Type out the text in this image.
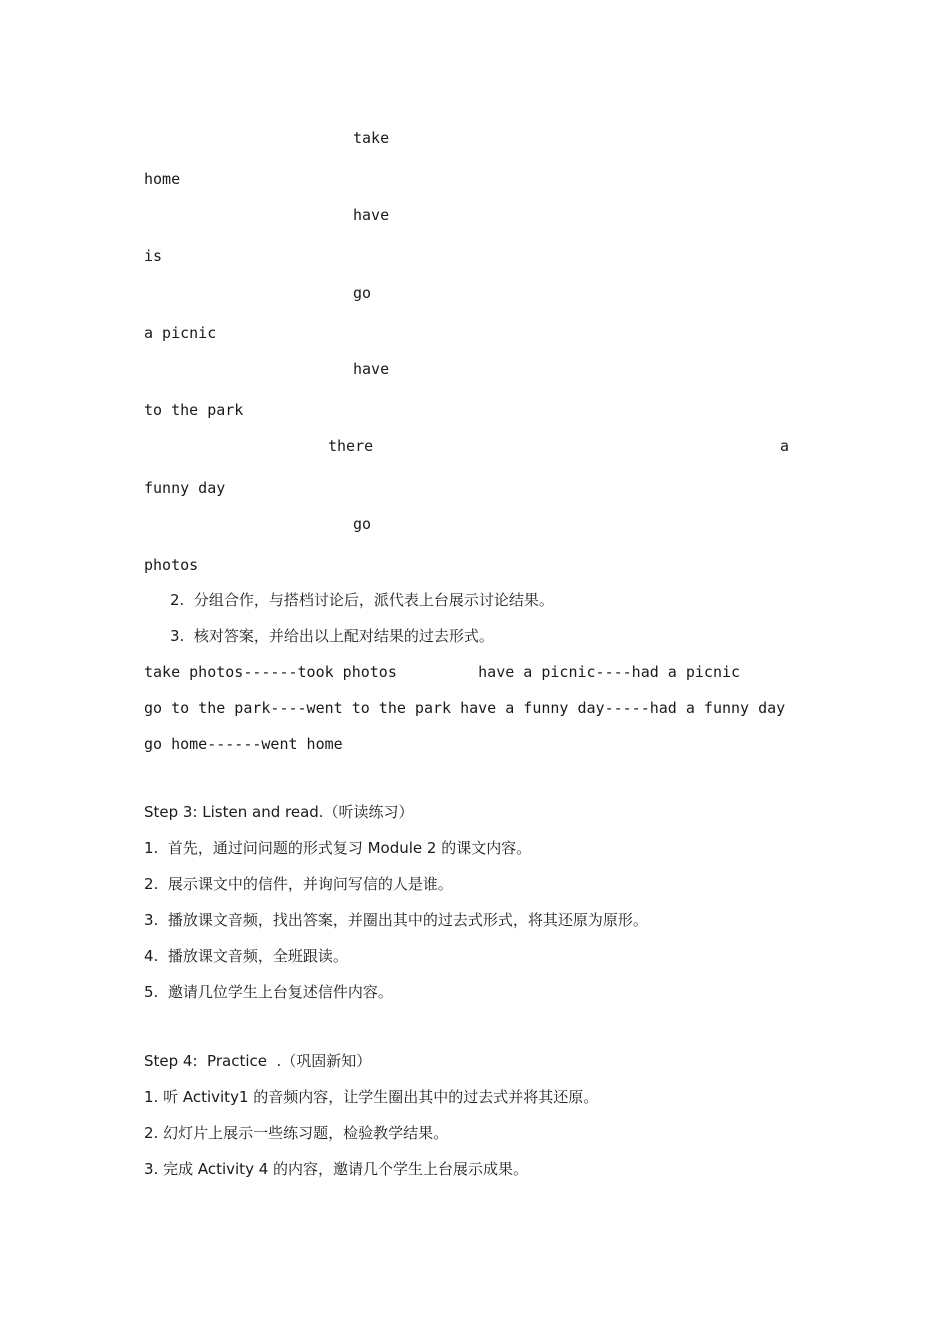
take
home
have
is
go
a picnic
have
to the park
there	a
funny day
go
photos
2.  分组合作，与搭档讨论后，派代表上台展示讨论结果。
3.  核对答案，并给出以上配对结果的过去形式。
take photos------took photos         have a picnic----had a picnic
go to the park----went to the park have a funny day-----had a funny day
go home------went home
Step 3: Listen and read.（听读练习）
1.  首先，通过问问题的形式复习 Module 2 的课文内容。
2.  展示课文中的信件，并询问写信的人是谁。
3.  播放课文音频，找出答案，并圈出其中的过去式形式，将其还原为原形。
4.  播放课文音频，全班跟读。
5.  邀请几位学生上台复述信件内容。
Step 4:  Practice  .（巩固新知）
1. 听 Activity1 的音频内容，让学生圈出其中的过去式并将其还原。
2. 幻灯片上展示一些练习题，检验教学结果。
3. 完成 Activity 4 的内容，邀请几个学生上台展示成果。
